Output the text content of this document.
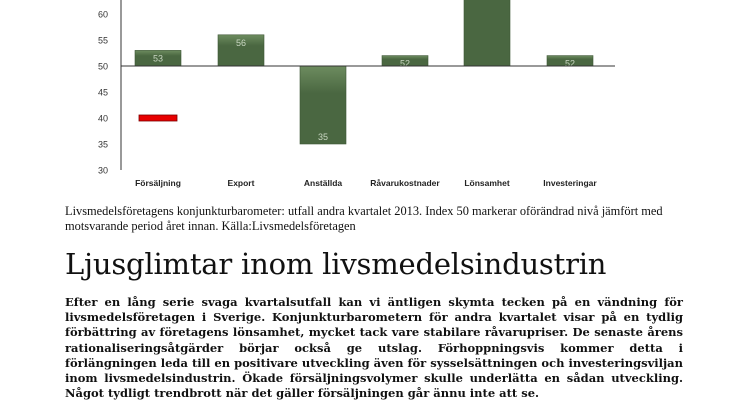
30
35
40
45
50
55
60
53
56
35
52	52
Försäljning	Export	Anställda	Råvarukostnader	Lönsamhet	Investeringar
Livsmedelsföretagens konjunkturbarometer: utfall andra kvartalet 2013. Index 50 markerar oförändrad nivå jämfört med motsvarande period året innan. Källa:Livsmedelsföretagen
Ljusglimtar inom livsmedelsindustrin

Efter en lång serie svaga kvartalsutfall kan vi äntligen skymta tecken på en vändning för livsmedelsföretagen i Sverige. Konjunkturbarometern för andra kvartalet visar på en tydlig förbättring av företagens lönsamhet, mycket tack vare stabilare råvarupriser. De senaste årens rationaliseringsåtgärder börjar också ge utslag. Förhoppningsvis kommer detta i förlängningen leda till en positivare utveckling även för sysselsättningen och investeringsviljan inom livsmedelsindustrin. Ökade försäljningsvolymer skulle underlätta en sådan utveckling. Något tydligt trendbrott när det gäller försäljningen går ännu inte att se.
